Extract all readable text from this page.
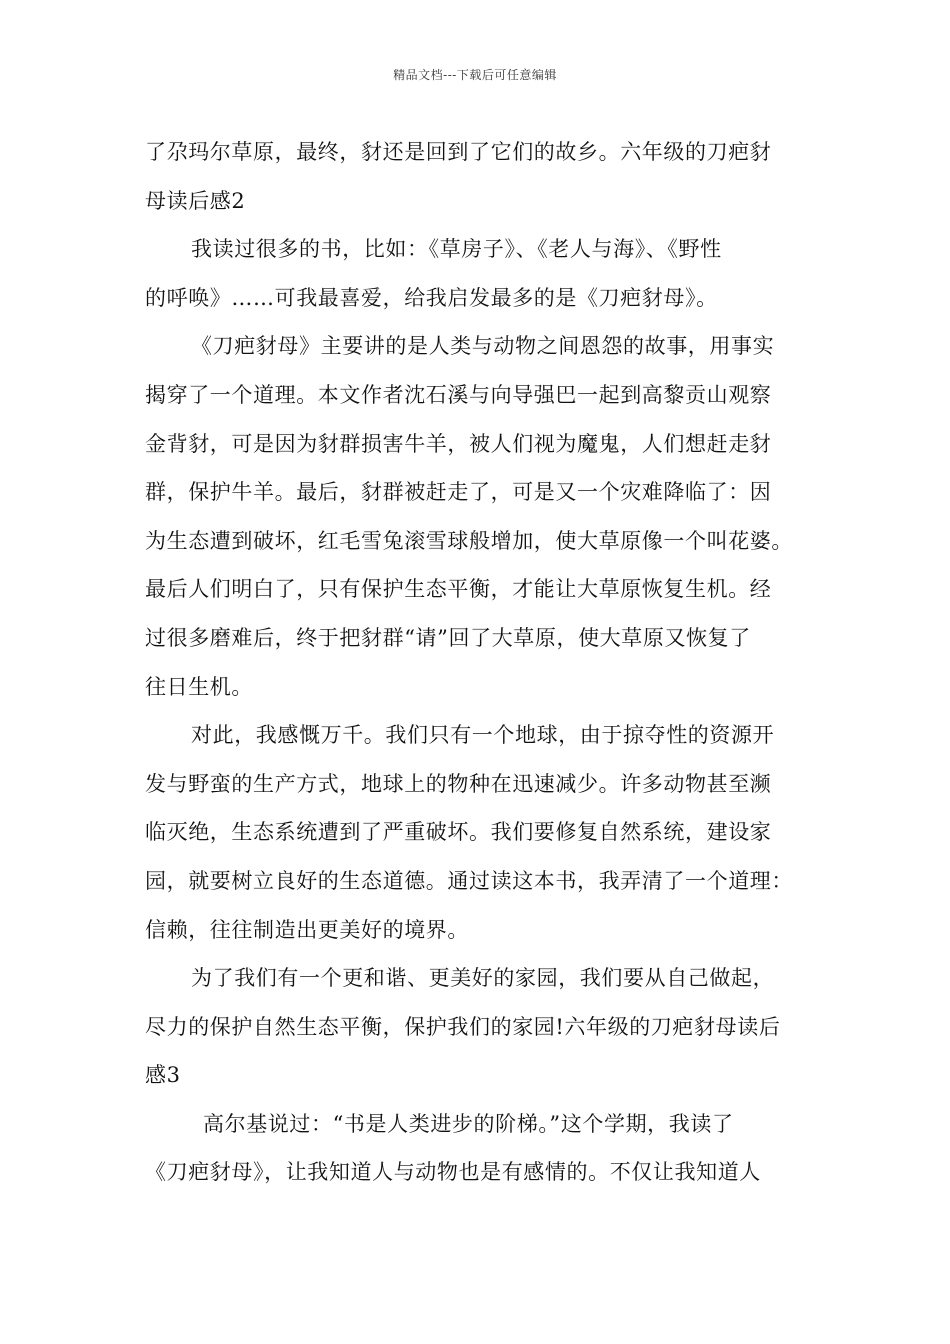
精品文档---下载后可任意编辑
了尕玛尔草原，最终，豺还是回到了它们的故乡。六年级的刀疤豺
母读后感2
我读过很多的书，比如：《草房子》、《老人与海》、《野性
的呼唤》……可我最喜爱，给我启发最多的是《刀疤豺母》。
《刀疤豺母》主要讲的是人类与动物之间恩怨的故事，用事实
揭穿了一个道理。本文作者沈石溪与向导强巴一起到高黎贡山观察
金背豺，可是因为豺群损害牛羊，被人们视为魔鬼，人们想赶走豺
群，保护牛羊。最后，豺群被赶走了，可是又一个灾难降临了：因
为生态遭到破坏，红毛雪兔滚雪球般增加，使大草原像一个叫花婆。
最后人们明白了，只有保护生态平衡，才能让大草原恢复生机。经
过很多磨难后，终于把豺群“请”回了大草原，使大草原又恢复了
往日生机。
对此，我感慨万千。我们只有一个地球，由于掠夺性的资源开
发与野蛮的生产方式，地球上的物种在迅速减少。许多动物甚至濒
临灭绝，生态系统遭到了严重破坏。我们要修复自然系统，建设家
园，就要树立良好的生态道德。通过读这本书，我弄清了一个道理：
信赖，往往制造出更美好的境界。
为了我们有一个更和谐、更美好的家园，我们要从自己做起，
尽力的保护自然生态平衡，保护我们的家园!六年级的刀疤豺母读后
感3
高尔基说过：“书是人类进步的阶梯。”这个学期，我读了
《刀疤豺母》，让我知道人与动物也是有感情的。不仅让我知道人
